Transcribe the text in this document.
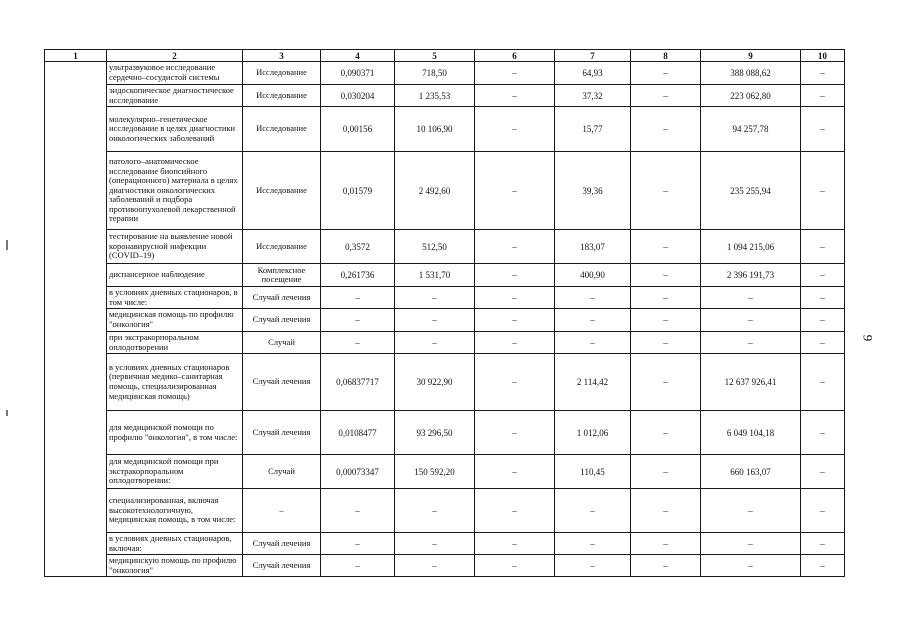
1	2	3	4	5	6	7	8	9	10
	ультразвуковое исследование сердечно–сосудистой системы	Исследование	0,090371	718,50	–	64,93	–	388 088,62	–
	эндоскопическое диагностическое исследование	Исследование	0,030204	1 235,53	–	37,32	–	223 062,80	–
	молекулярно–генетическое исследование в целях диагностики онкологических заболеваний	Исследование	0,00156	10 106,90	–	15,77	–	94 257,78	–
	патолого–анатомическое исследование биопсийного (операционного) материала в целях диагностики онкологических заболеваний и подбора противоопухолевой лекарственной терапии	Исследование	0,01579	2 492,60	–	39,36	–	235 255,94	–
	тестирование на выявление новой коронавирусной инфекции (COVID–19)	Исследование	0,3572	512,50	–	183,07	–	1 094 215,06	–
	диспансерное наблюдение	Комплексное посещение	0,261736	1 531,70	–	400,90	–	2 396 191,73	–
	в условиях дневных стационаров, в том числе:	Случай лечения	–	–	–	–	–	–	–
	медицинская помощь по профилю "онкология"	Случай лечения	–	–	–	–	–	–	–
	при экстракорпоральном оплодотворении	Случай	–	–	–	–	–	–	–
	в условиях дневных стационаров (первичная медико–санитарная помощь, специализированная медицинская помощь)	Случай лечения	0,06837717	30 922,90	–	2 114,42	–	12 637 926,41	–
	для медицинской помощи по профилю "онкология", в том числе:	Случай лечения	0,0108477	93 296,50	–	1 012,06	–	6 049 104,18	–
	для медицинской помощи при экстракорпоральном оплодотворении:	Случай	0,00073347	150 592,20	–	110,45	–	660 163,07	–
	специализированная, включая высокотехнологичную, медицинская помощь, в том числе:	–	–	–	–	–	–	–	–
	в условиях дневных стационаров, включая:	Случай лечения	–	–	–	–	–	–	–
	медицинскую помощь по профилю "онкология"	Случай лечения	–	–	–	–	–	–	–
9
